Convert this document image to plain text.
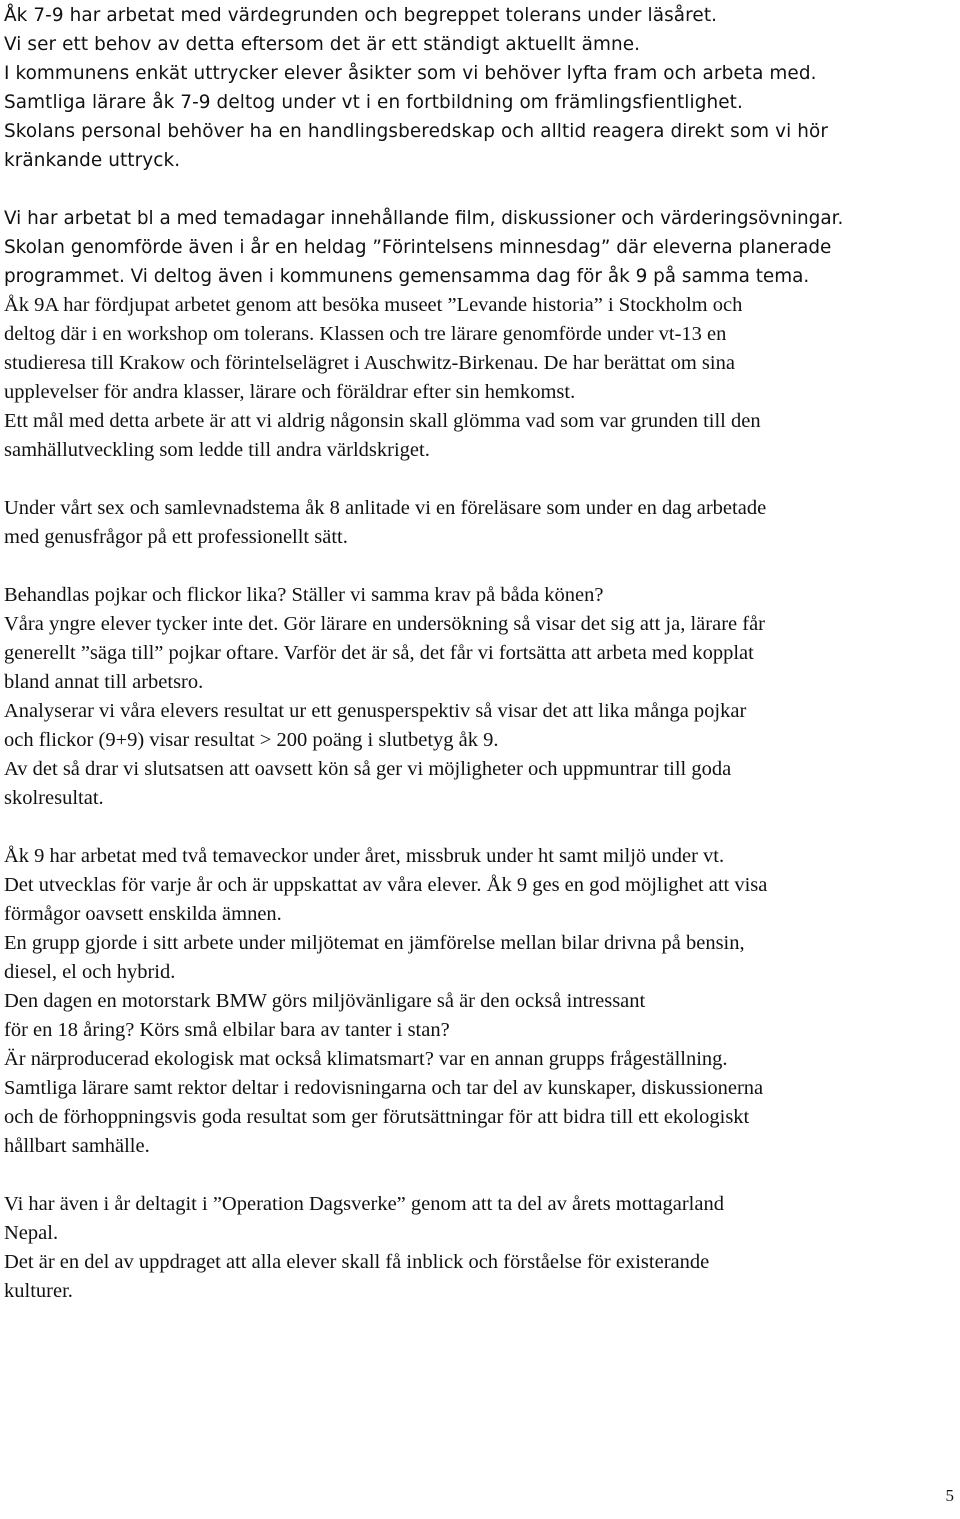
Åk 7-9 har arbetat med värdegrunden och begreppet tolerans under läsåret.
Vi ser ett behov av detta eftersom det är ett ständigt aktuellt ämne.
I kommunens enkät uttrycker elever åsikter som vi behöver lyfta fram och arbeta med.
Samtliga lärare åk 7-9 deltog under vt i en fortbildning om främlingsfientlighet.
Skolans personal behöver ha en handlingsberedskap och alltid reagera direkt som vi hör
kränkande uttryck.
Vi har arbetat bl a med temadagar innehållande film, diskussioner och värderingsövningar.
Skolan genomförde även i år en heldag ”Förintelsens minnesdag” där eleverna planerade
programmet. Vi deltog även i kommunens gemensamma dag för åk 9 på samma tema.
Åk 9A har fördjupat arbetet genom att besöka museet ”Levande historia” i Stockholm och
deltog där i en workshop om tolerans. Klassen och tre lärare genomförde under vt-13 en
studieresa till Krakow och förintelselägret i Auschwitz-Birkenau. De har berättat om sina
upplevelser för andra klasser, lärare och föräldrar efter sin hemkomst.
Ett mål med detta arbete är att vi aldrig någonsin skall glömma vad som var grunden till den
samhällutveckling som ledde till andra världskriget.
Under vårt sex och samlevnadstema åk 8 anlitade vi en föreläsare som under en dag arbetade
med genusfrågor på ett professionellt sätt.
Behandlas pojkar och flickor lika? Ställer vi samma krav på båda könen?
Våra yngre elever tycker inte det. Gör lärare en undersökning så visar det sig att ja, lärare får
generellt ”säga till” pojkar oftare. Varför det är så, det får vi fortsätta att arbeta med kopplat
bland annat till arbetsro.
Analyserar vi våra elevers resultat ur ett genusperspektiv så visar det att lika många pojkar
och flickor (9+9) visar resultat > 200 poäng i slutbetyg åk 9.
Av det så drar vi slutsatsen att oavsett kön så ger vi möjligheter och uppmuntrar till goda
skolresultat.
Åk 9 har arbetat med två temaveckor under året, missbruk under ht samt miljö under vt.
Det utvecklas för varje år och är uppskattat av våra elever. Åk 9 ges en god möjlighet att visa
förmågor oavsett enskilda ämnen.
En grupp gjorde i sitt arbete under miljötemat en jämförelse mellan bilar drivna på bensin,
diesel, el och hybrid.
Den dagen en motorstark BMW görs miljövänligare så är den också intressant
för en 18 åring? Körs små elbilar bara av tanter i stan?
Är närproducerad ekologisk mat också klimatsmart? var en annan grupps frågeställning.
Samtliga lärare samt rektor deltar i redovisningarna och tar del av kunskaper, diskussionerna
och de förhoppningsvis goda resultat som ger förutsättningar för att bidra till ett ekologiskt
hållbart samhälle.
Vi har även i år deltagit i ”Operation Dagsverke” genom att ta del av årets mottagarland
Nepal.
Det är en del av uppdraget att alla elever skall få inblick och förståelse för existerande
kulturer.
5
